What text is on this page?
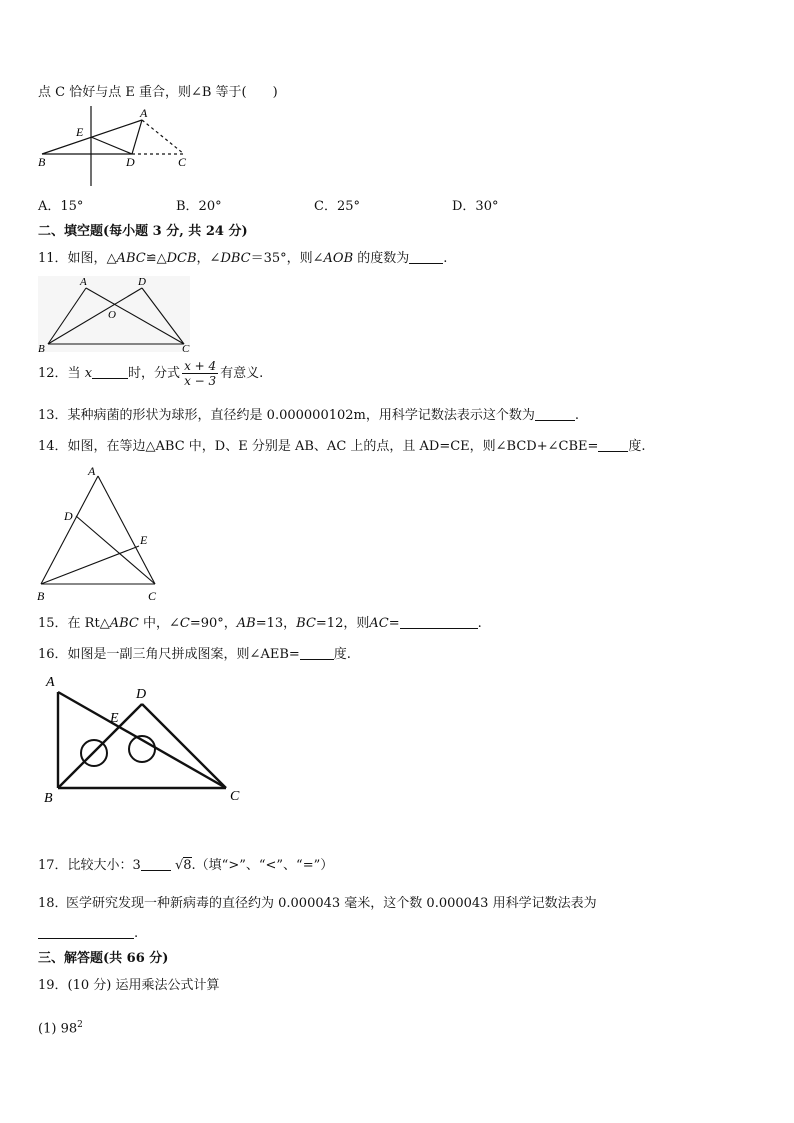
点 C 恰好与点 E 重合，则∠B 等于(　　)
A
E
B	D	C
A．15°	B．20°	C．25°	D．30°
二、填空题(每小题 3 分, 共 24 分)
11．如图，△ABC≌△DCB，∠DBC＝35°，则∠AOB 的度数为	.
A	D
O
B	C
12．当 x	时，分式 $\frac{x + 4}{x - 3}$ 有意义.
13．某种病菌的形状为球形，直径约是 0.000000102m，用科学记数法表示这个数为	.
14．如图，在等边△ABC 中，D、E 分别是 AB、AC 上的点，且 AD=CE，则∠BCD+∠CBE= 度.
A
D
E
B	C
15．在 Rt△ABC 中，∠C=90°，AB=13，BC=12，则AC=	.
16．如图是一副三角尺拼成图案，则∠AEB=	度.
A
D
E
B	C
17．比较大小：3	√8.（填“>”、“<”、“=”）
18．
医学研究发现一种新病毒的直径约为 0.000043 毫米，这个数 0.000043 用科学记数法表为
.
三、解答题(共 66 分)
19．(10 分) 运用乘法公式计算
(1) $98^2$
